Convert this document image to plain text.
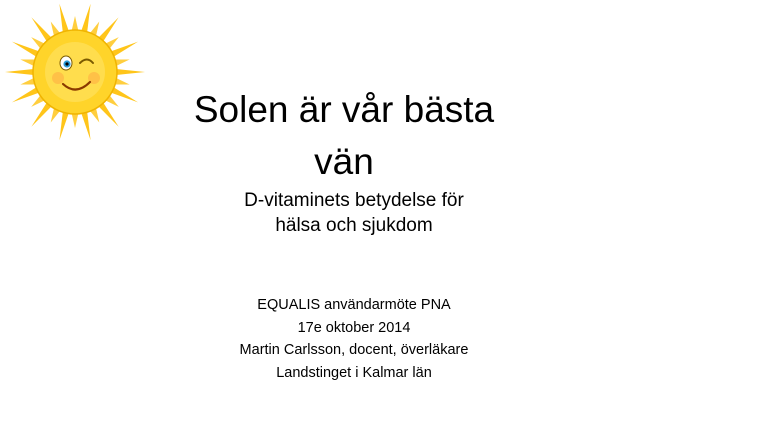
Solen är vår bästa
vän
D-vitaminets betydelse för
hälsa och sjukdom
EQUALIS användarmöte PNA
17e oktober 2014
Martin Carlsson, docent, överläkare
Landstinget i Kalmar län
